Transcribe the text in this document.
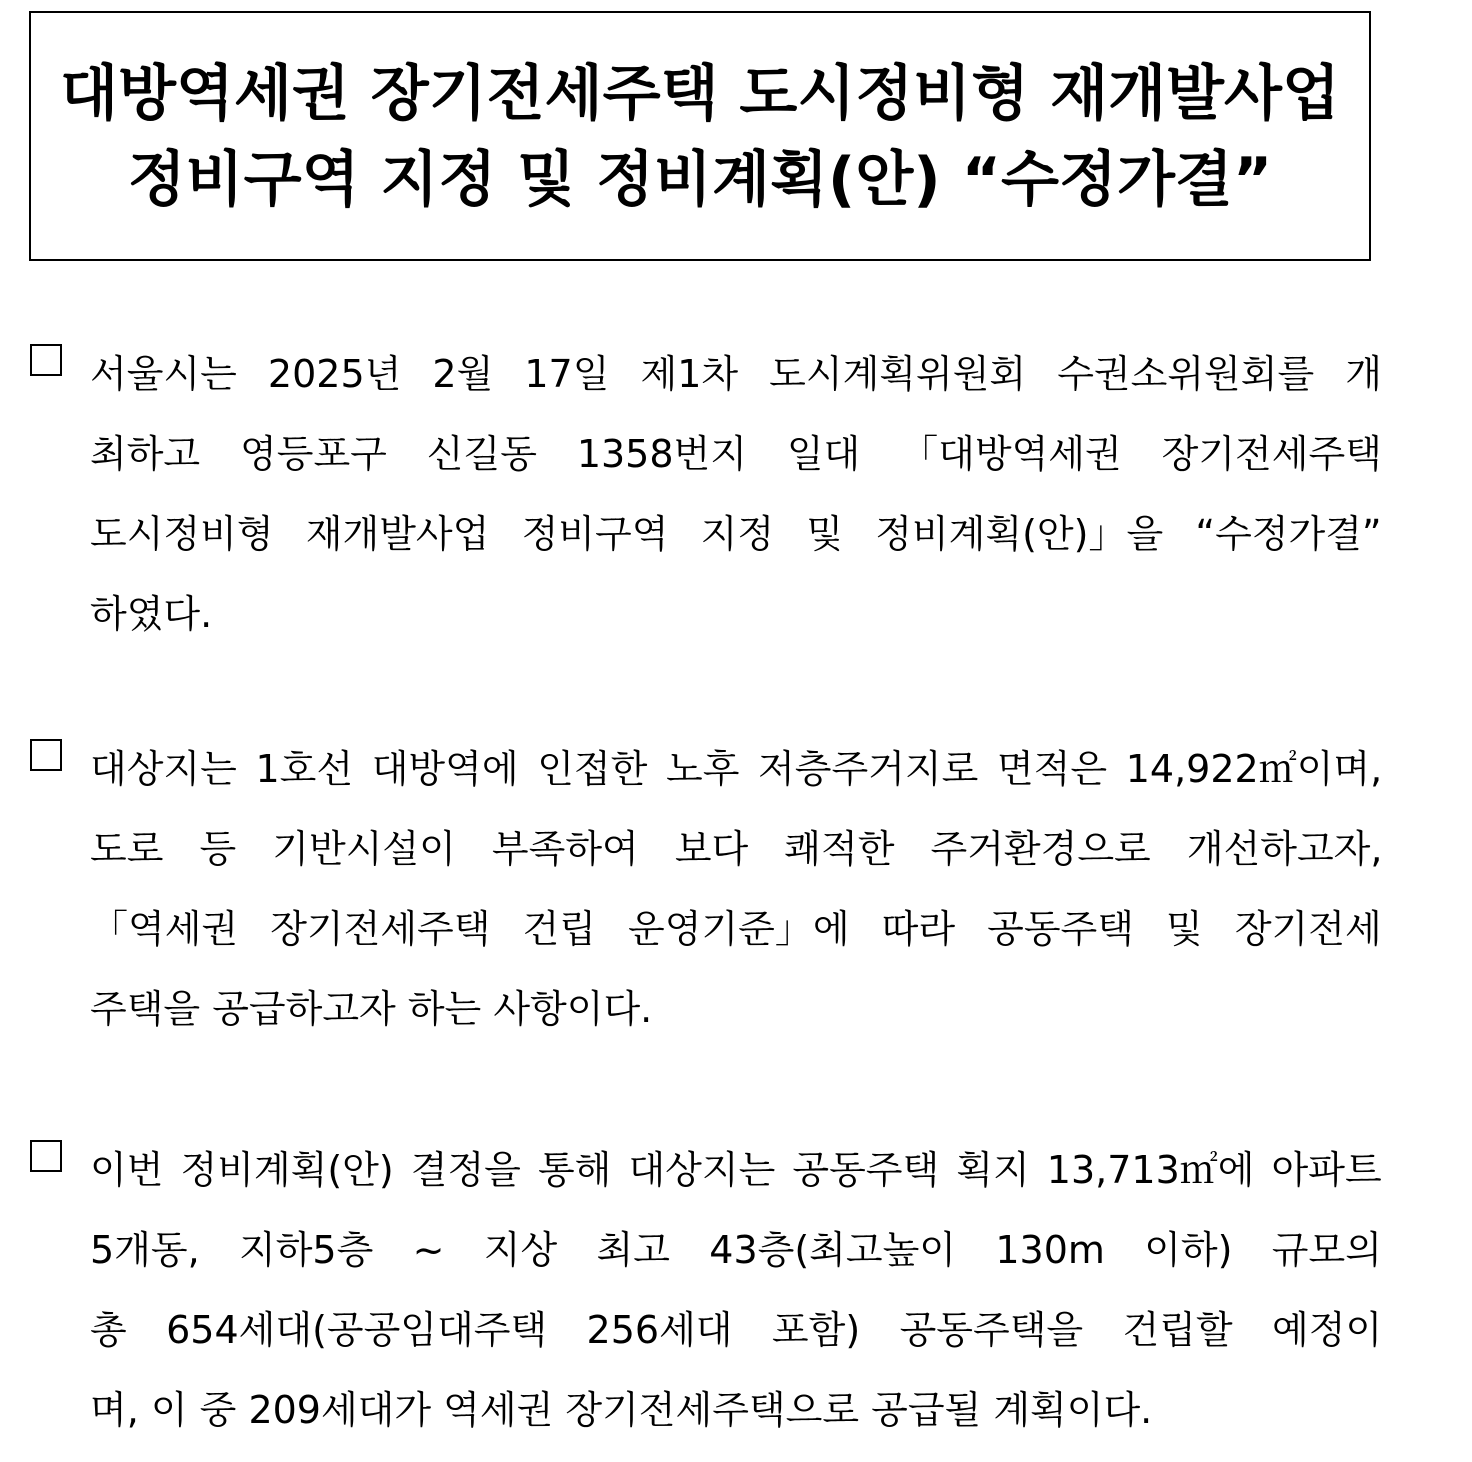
대방역세권 장기전세주택 도시정비형 재개발사업
정비구역 지정 및 정비계획(안) “수정가결”
서울시는 2025년 2월 17일 제1차 도시계획위원회 수권소위원회를 개
최하고 영등포구 신길동 1358번지 일대 「대방역세권 장기전세주택
도시정비형 재개발사업 정비구역 지정 및 정비계획(안)」을 “수정가결”
하였다.
대상지는 1호선 대방역에 인접한 노후 저층주거지로 면적은 14,922㎡이며,
도로 등 기반시설이 부족하여 보다 쾌적한 주거환경으로 개선하고자,
「역세권 장기전세주택 건립 운영기준」에 따라 공동주택 및 장기전세
주택을 공급하고자 하는 사항이다.
이번 정비계획(안) 결정을 통해 대상지는 공동주택 획지 13,713㎡에 아파트
5개동, 지하5층 ~ 지상 최고 43층(최고높이 130m 이하) 규모의
총 654세대(공공임대주택 256세대 포함) 공동주택을 건립할 예정이
며, 이 중 209세대가 역세권 장기전세주택으로 공급될 계획이다.
